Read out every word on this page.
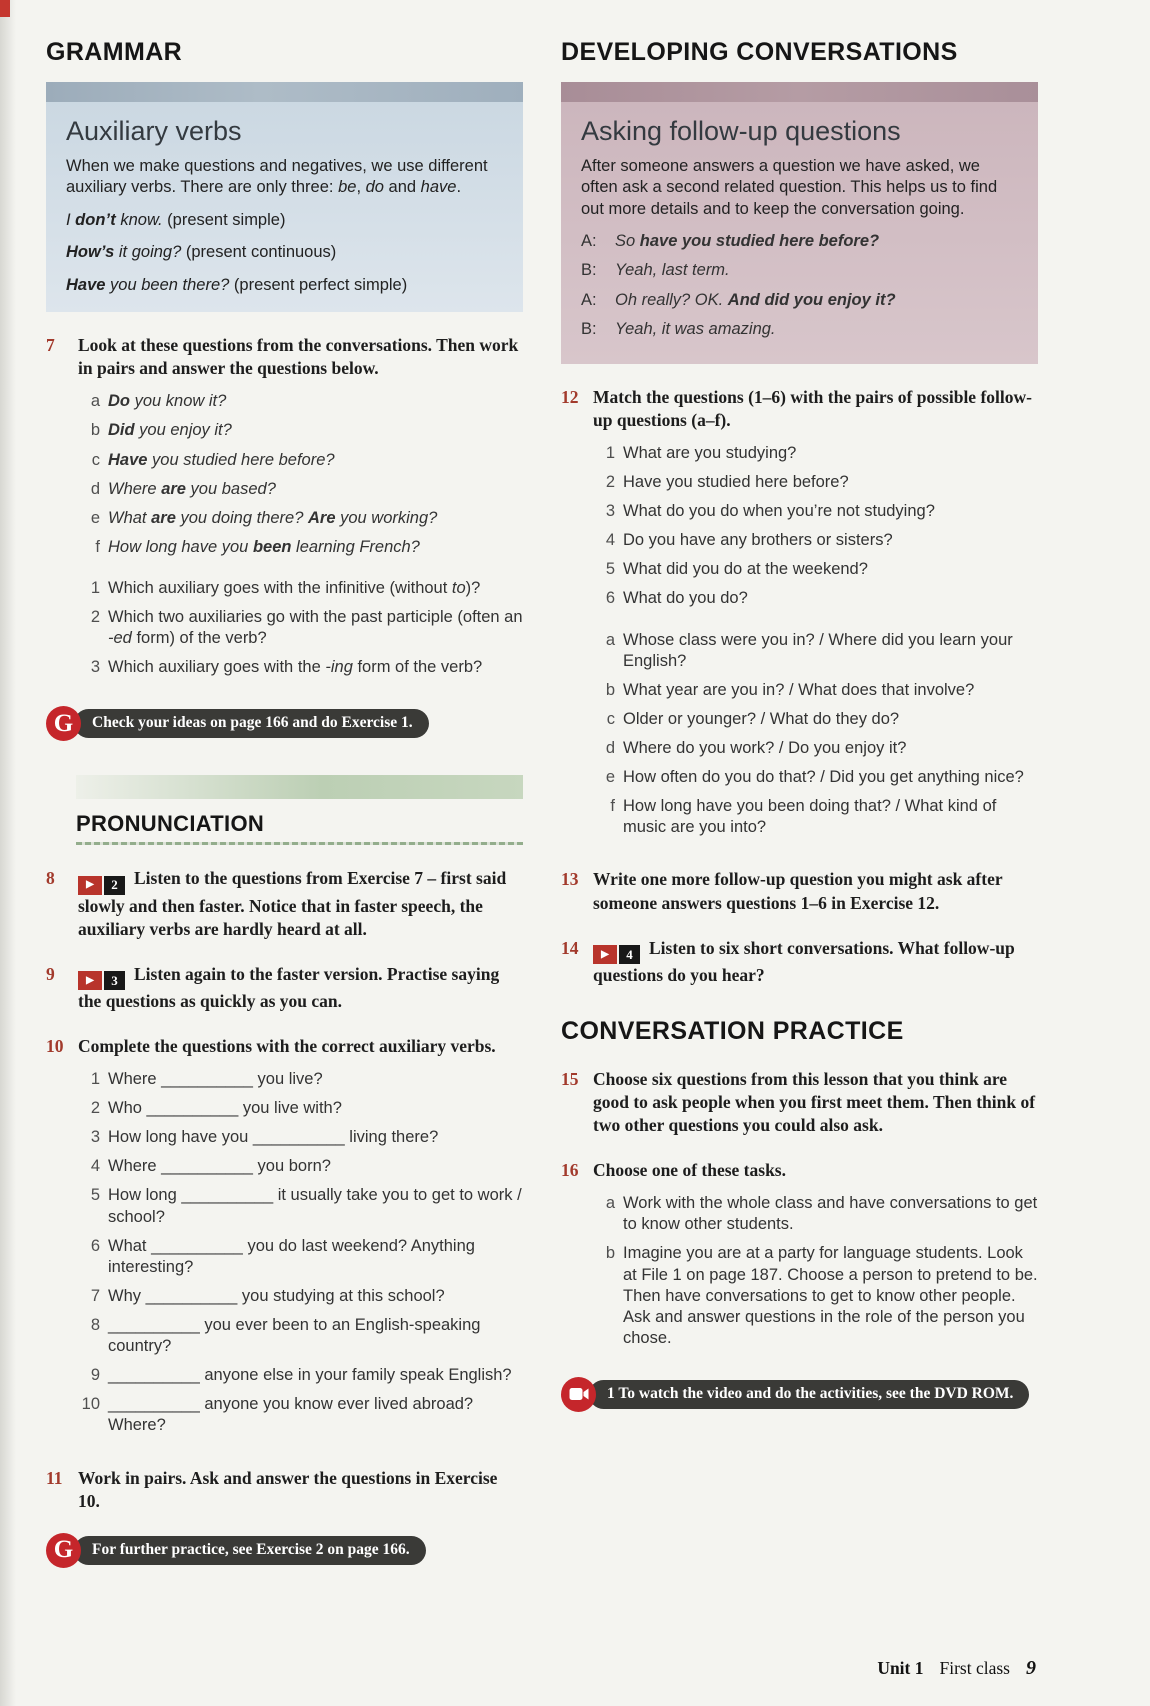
GRAMMAR
Auxiliary verbs

When we make questions and negatives, we use different auxiliary verbs. There are only three: be, do and have.

I don’t know. (present simple)

How’s it going? (present continuous)

Have you been there? (present perfect simple)

7	Look at these questions from the conversations. Then work in pairs and answer the questions below.

a Do you know it?
b Did you enjoy it?
c Have you studied here before?
d Where are you based?
e What are you doing there? Are you working?
f How long have you been learning French?
1 Which auxiliary goes with the infinitive (without to)?
2 Which two auxiliaries go with the past participle (often an -ed form) of the verb?
3 Which auxiliary goes with the -ing form of the verb?
G	Check your ideas on page 166 and do Exercise 1.
PRONUNCIATION
8	▶	2 Listen to the questions from Exercise 7 – first said slowly and then faster. Notice that in faster speech, the auxiliary verbs are hardly heard at all.

9	▶	3 Listen again to the faster version. Practise saying the questions as quickly as you can.

10 Complete the questions with the correct auxiliary verbs.

1 Where __________ you live?
2 Who __________ you live with?
3 How long have you __________ living there?
4 Where __________ you born?
5 How long __________ it usually take you to get to work / school?
6 What __________ you do last weekend? Anything interesting?
7 Why __________ you studying at this school?
8 __________ you ever been to an English-speaking country?
9 __________ anyone else in your family speak English?
10 __________ anyone you know ever lived abroad? Where?
11 Work in pairs. Ask and answer the questions in Exercise 10.

G	For further practice, see Exercise 2 on page 166.
DEVELOPING CONVERSATIONS
Asking follow-up questions

After someone answers a question we have asked, we often ask a second related question. This helps us to find out more details and to keep the conversation going.

A:	So have you studied here before?
B:	Yeah, last term.
A:	Oh really? OK. And did you enjoy it?
B:	Yeah, it was amazing.
12 Match the questions (1–6) with the pairs of possible follow-up questions (a–f).

1 What are you studying?
2 Have you studied here before?
3 What do you do when you’re not studying?
4 Do you have any brothers or sisters?
5 What did you do at the weekend?
6 What do you do?
a Whose class were you in? / Where did you learn your English?
b What year are you in? / What does that involve?
c Older or younger? / What do they do?
d Where do you work? / Do you enjoy it?
e How often do you do that? / Did you get anything nice?
f How long have you been doing that? / What kind of music are you into?
13 Write one more follow-up question you might ask after someone answers questions 1–6 in Exercise 12.

14	▶	4 Listen to six short conversations. What follow-up questions do you hear?

CONVERSATION PRACTICE
15 Choose six questions from this lesson that you think are good to ask people when you first meet them. Then think of two other questions you could also ask.

16 Choose one of these tasks.

a Work with the whole class and have conversations to get to know other students.
b Imagine you are at a party for language students. Look at File 1 on page 187. Choose a person to pretend to be. Then have conversations to get to know other people. Ask and answer questions in the role of the person you chose.
1 To watch the video and do the activities, see the DVD ROM.
Unit 1 First class 9
